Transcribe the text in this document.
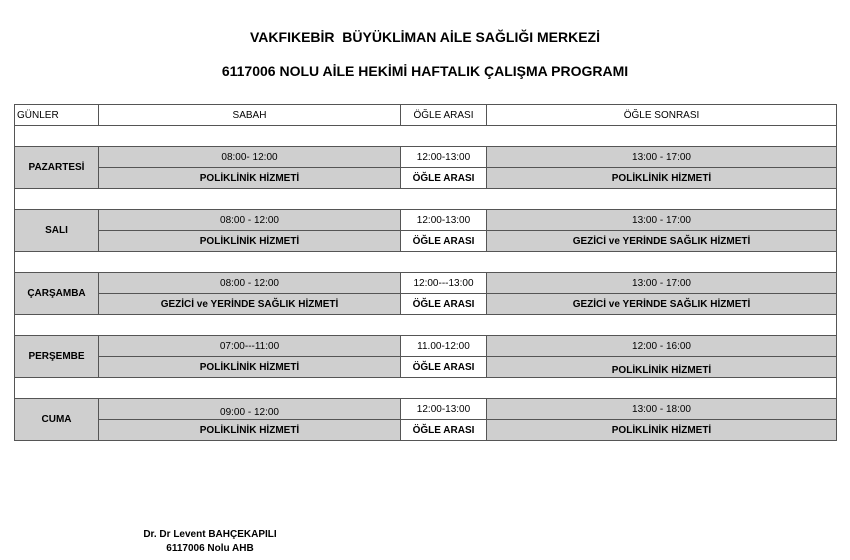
VAKFIKEBİR  BÜYÜKLİMAN AİLE SAĞLIĞI MERKEZİ
6117006 NOLU AİLE HEKİMİ HAFTALIK ÇALIŞMA PROGRAMI
GÜNLER	SABAH	ÖĞLE ARASI	ÖĞLE SONRASI

PAZARTESİ	08:00- 12:00	12:00-13:00	13:00 - 17:00
	POLİKLİNİK HİZMETİ	ÖĞLE ARASI	POLİKLİNİK HİZMETİ

SALI	08:00 - 12:00	12:00-13:00	13:00 - 17:00
	POLİKLİNİK HİZMETİ	ÖĞLE ARASI	GEZİCİ ve YERİNDE SAĞLIK HİZMETİ

ÇARŞAMBA	08:00 - 12:00	12:00---13:00	13:00 - 17:00
	GEZİCİ ve YERİNDE SAĞLIK HİZMETİ	ÖĞLE ARASI	GEZİCİ ve YERİNDE SAĞLIK HİZMETİ

PERŞEMBE	07:00---11:00	11.00-12:00	12:00 - 16:00
	POLİKLİNİK HİZMETİ	ÖĞLE ARASI	POLİKLİNİK HİZMETİ

CUMA	09:00 - 12:00	12:00-13:00	13:00 - 18:00
	POLİKLİNİK HİZMETİ	ÖĞLE ARASI	POLİKLİNİK HİZMETİ
Dr. Dr Levent BAHÇEKAPILI
6117006 Nolu AHB
